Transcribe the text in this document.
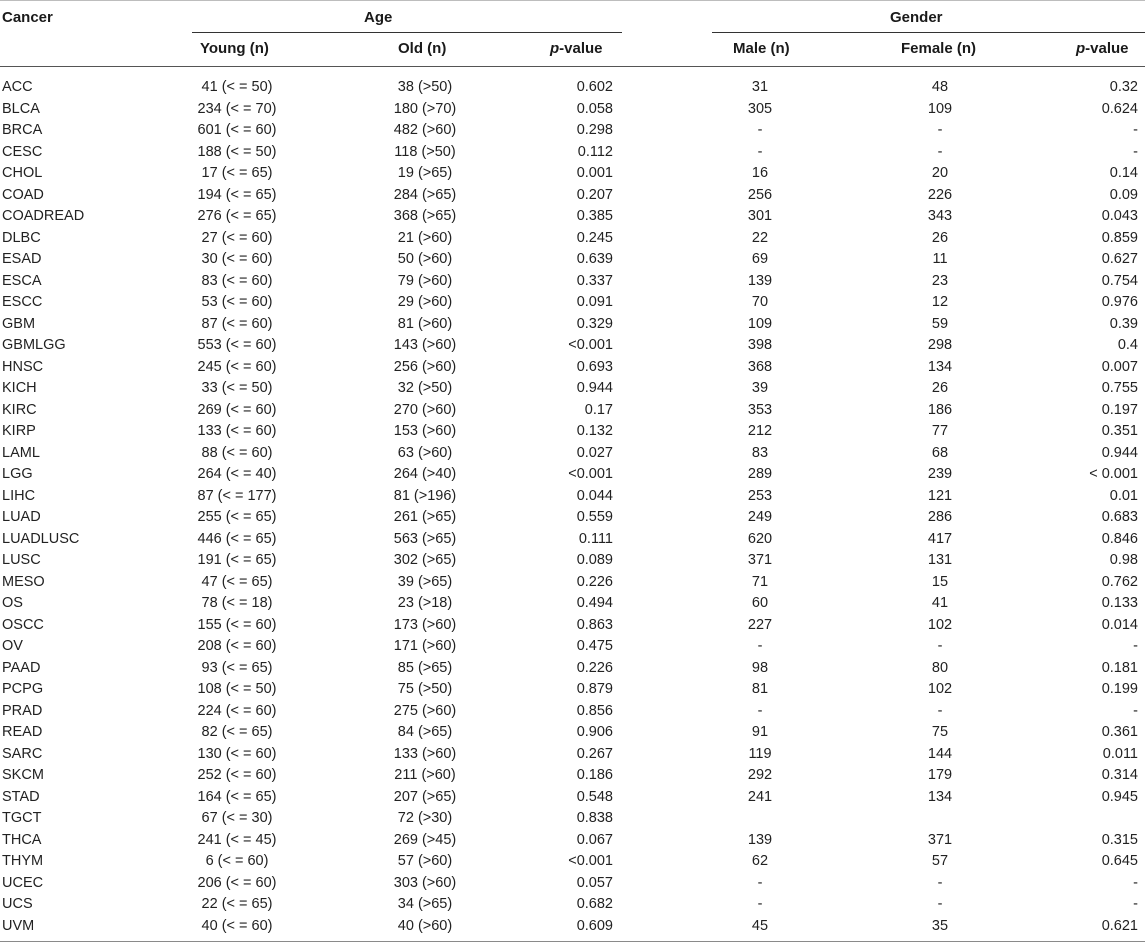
Cancer	Age	Gender
Young (n)	Old (n)	p-value	Male (n)	Female (n)	p-value
ACC	41 (< = 50)	38 (>50)	0.602	31	48	0.32
BLCA	234 (< = 70)	180 (>70)	0.058	305	109	0.624
BRCA	601 (< = 60)	482 (>60)	0.298	-	-	-
CESC	188 (< = 50)	118 (>50)	0.112	-	-	-
CHOL	17 (< = 65)	19 (>65)	0.001	16	20	0.14
COAD	194 (< = 65)	284 (>65)	0.207	256	226	0.09
COADREAD	276 (< = 65)	368 (>65)	0.385	301	343	0.043
DLBC	27 (< = 60)	21 (>60)	0.245	22	26	0.859
ESAD	30 (< = 60)	50 (>60)	0.639	69	11	0.627
ESCA	83 (< = 60)	79 (>60)	0.337	139	23	0.754
ESCC	53 (< = 60)	29 (>60)	0.091	70	12	0.976
GBM	87 (< = 60)	81 (>60)	0.329	109	59	0.39
GBMLGG	553 (< = 60)	143 (>60)	<0.001	398	298	0.4
HNSC	245 (< = 60)	256 (>60)	0.693	368	134	0.007
KICH	33 (< = 50)	32 (>50)	0.944	39	26	0.755
KIRC	269 (< = 60)	270 (>60)	0.17	353	186	0.197
KIRP	133 (< = 60)	153 (>60)	0.132	212	77	0.351
LAML	88 (< = 60)	63 (>60)	0.027	83	68	0.944
LGG	264 (< = 40)	264 (>40)	<0.001	289	239	< 0.001
LIHC	87 (< = 177)	81 (>196)	0.044	253	121	0.01
LUAD	255 (< = 65)	261 (>65)	0.559	249	286	0.683
LUADLUSC	446 (< = 65)	563 (>65)	0.111	620	417	0.846
LUSC	191 (< = 65)	302 (>65)	0.089	371	131	0.98
MESO	47 (< = 65)	39 (>65)	0.226	71	15	0.762
OS	78 (< = 18)	23 (>18)	0.494	60	41	0.133
OSCC	155 (< = 60)	173 (>60)	0.863	227	102	0.014
OV	208 (< = 60)	171 (>60)	0.475	-	-	-
PAAD	93 (< = 65)	85 (>65)	0.226	98	80	0.181
PCPG	108 (< = 50)	75 (>50)	0.879	81	102	0.199
PRAD	224 (< = 60)	275 (>60)	0.856	-	-	-
READ	82 (< = 65)	84 (>65)	0.906	91	75	0.361
SARC	130 (< = 60)	133 (>60)	0.267	119	144	0.011
SKCM	252 (< = 60)	211 (>60)	0.186	292	179	0.314
STAD	164 (< = 65)	207 (>65)	0.548	241	134	0.945
TGCT	67 (< = 30)	72 (>30)	0.838
THCA	241 (< = 45)	269 (>45)	0.067	139	371	0.315
THYM	6 (< = 60)	57 (>60)	<0.001	62	57	0.645
UCEC	206 (< = 60)	303 (>60)	0.057	-	-	-
UCS	22 (< = 65)	34 (>65)	0.682	-	-	-
UVM	40 (< = 60)	40 (>60)	0.609	45	35	0.621
